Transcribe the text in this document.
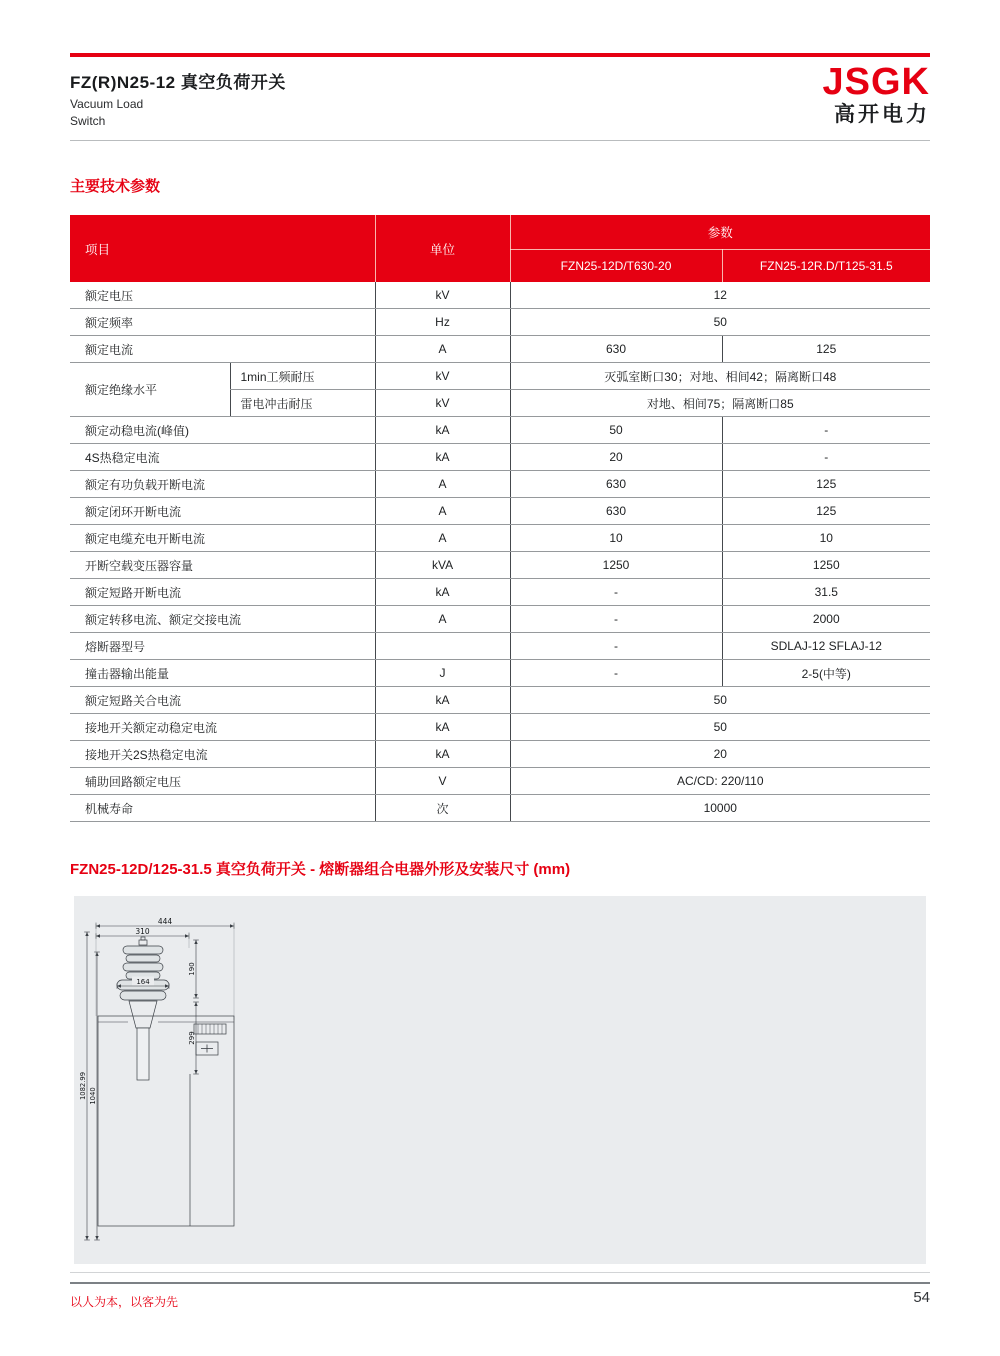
FZ(R)N25-12 真空负荷开关
Vacuum Load
Switch
JSGK
高开电力
主要技术参数
项目		单位	参数	
			FZN25-12D/T630-20	FZN25-12R.D/T125-31.5
额定电压		kV	12	
额定频率		Hz	50	
额定电流		A	630	125
额定绝缘水平	1min工频耐压	kV	灭弧室断口30；对地、相间42；隔离断口48	
	雷电冲击耐压	kV	对地、相间75；隔离断口85	
额定动稳电流(峰值)		kA	50	-
4S热稳定电流		kA	20	-
额定有功负载开断电流		A	630	125
额定闭环开断电流		A	630	125
额定电缆充电开断电流		A	10	10
开断空载变压器容量		kVA	1250	1250
额定短路开断电流		kA	-	31.5
额定转移电流、额定交接电流		A	-	2000
熔断器型号			-	SDLAJ-12 SFLAJ-12
撞击器输出能量		J	-	2-5(中等)
额定短路关合电流		kA	50	
接地开关额定动稳定电流		kA	50	
接地开关2S热稳定电流		kA	20	
辅助回路额定电压		V	AC/CD: 220/110	
机械寿命		次	10000	
FZN25-12D/125-31.5 真空负荷开关 - 熔断器组合电器外形及安装尺寸 (mm)
1082.99 1040
444
310
164
190
299
以人为本，以客为先	54
